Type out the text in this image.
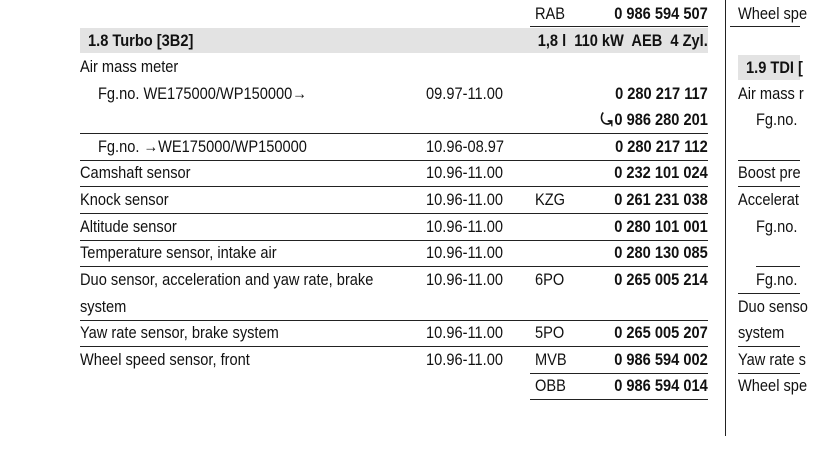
RAB	0 986 594 507
1.8 Turbo [3B2]	1,8 l  110 kW  AEB  4 Zyl.
Air mass meter
Fg.no. WE175000/WP150000→	09.97-11.00	0 280 217 117
⤿ 0 986 280 201
Fg.no. →WE175000/WP150000	10.96-08.97	0 280 217 112
Camshaft sensor	10.96-11.00	0 232 101 024
Knock sensor	10.96-11.00	KZG	0 261 231 038
Altitude sensor	10.96-11.00	0 280 101 001
Temperature sensor, intake air	10.96-11.00	0 280 130 085
Duo sensor, acceleration and yaw rate, brake	10.96-11.00	6PO	0 265 005 214
system
Yaw rate sensor, brake system	10.96-11.00	5PO	0 265 005 207
Wheel speed sensor, front	10.96-11.00	MVB	0 986 594 002
OBB	0 986 594 014
Wheel spe
1.9 TDI [
Air mass r
Fg.no.
Boost pre
Accelerat
Fg.no.
Fg.no.
Duo senso
system
Yaw rate s
Wheel spe
